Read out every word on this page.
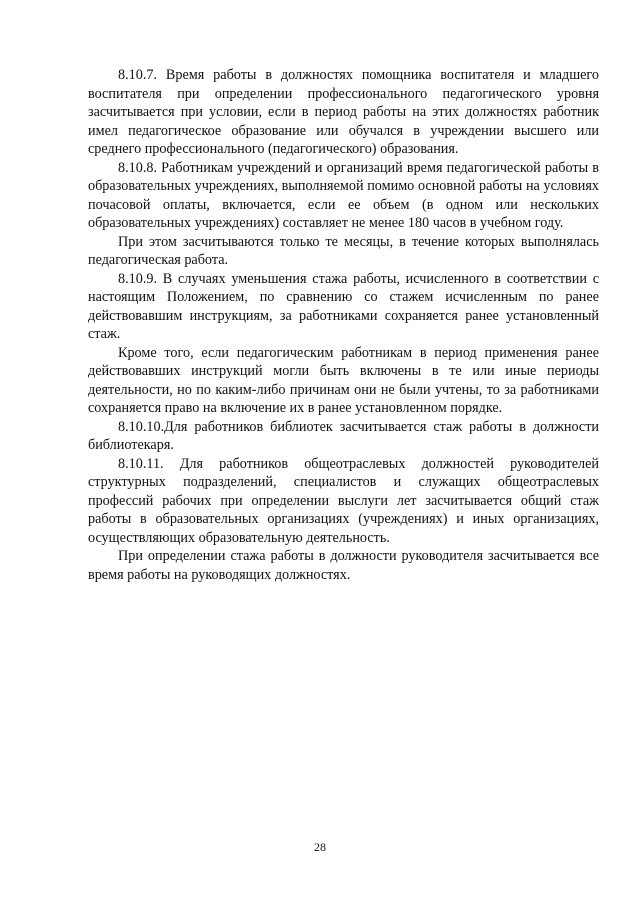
8.10.7. Время работы в должностях помощника воспитателя и младшего воспитателя при определении профессионального педагогического уровня засчитывается при условии, если в период работы на этих должностях работник имел педагогическое образование или обучался в учреждении высшего или среднего профессионального (педагогического) образования.

8.10.8. Работникам учреждений и организаций время педагогической работы в образовательных учреждениях, выполняемой помимо основной работы на условиях почасовой оплаты, включается, если ее объем (в одном или нескольких образовательных учреждениях) составляет не менее 180 часов в учебном году.

При этом засчитываются только те месяцы, в течение которых выполнялась педагогическая работа.

8.10.9. В случаях уменьшения стажа работы, исчисленного в соответствии с настоящим Положением, по сравнению со стажем исчисленным по ранее действовавшим инструкциям, за работниками сохраняется ранее установленный стаж.

Кроме того, если педагогическим работникам в период применения ранее действовавших инструкций могли быть включены в те или иные периоды деятельности, но по каким-либо причинам они не были учтены, то за работниками сохраняется право на включение их в ранее установленном порядке.

8.10.10.Для работников библиотек засчитывается стаж работы в должности библиотекаря.

8.10.11. Для работников общеотраслевых должностей руководителей структурных подразделений, специалистов и служащих общеотраслевых профессий рабочих при определении выслуги лет засчитывается общий стаж работы в образовательных организациях (учреждениях) и иных организациях, осуществляющих образовательную деятельность.

При определении стажа работы в должности руководителя засчитывается все время работы на руководящих должностях.

28
